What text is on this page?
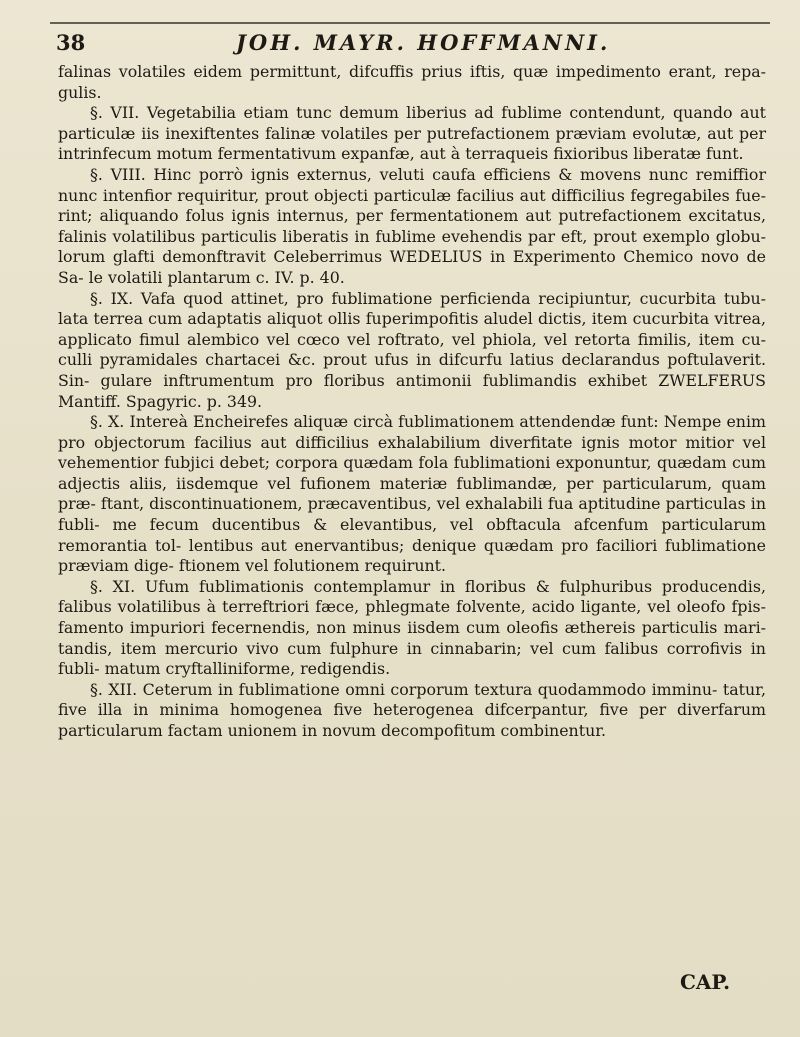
38	JOH. MAYR. HOFFMANNI.

falinas volatiles eidem permittunt, difcuffis prius iftis, quæ impedimento erant, repa- gulis.

§. VII. Vegetabilia etiam tunc demum liberius ad fublime contendunt, quando aut particulæ iis inexiftentes falinæ volatiles per putrefactionem præviam evolutæ, aut per intrinfecum motum fermentativum expanfæ, aut à terraqueis fixioribus liberatæ funt.

§. VIII. Hinc porrò ignis externus, veluti caufa efficiens & movens nunc remiffior nunc intenfior requiritur, prout objecti particulæ facilius aut difficilius fegregabiles fue- rint; aliquando folus ignis internus, per fermentationem aut putrefactionem excitatus, falinis volatilibus particulis liberatis in fublime evehendis par eft, prout exemplo globu- lorum glafti demonftravit Celeberrimus WEDELIUS in Experimento Chemico novo de Sa- le volatili plantarum c. IV. p. 40.

§. IX. Vafa quod attinet, pro fublimatione perficienda recipiuntur, cucurbita tubu- lata terrea cum adaptatis aliquot ollis fuperimpofitis aludel dictis, item cucurbita vitrea, applicato fimul alembico vel cœco vel roftrato, vel phiola, vel retorta fimilis, item cu- culli pyramidales chartacei &c. prout ufus in difcurfu latius declarandus poftulaverit. Sin- gulare inftrumentum pro floribus antimonii fublimandis exhibet ZWELFERUS Mantiff. Spagyric. p. 349.

§. X. Intereà Encheirefes aliquæ circà fublimationem attendendæ funt: Nempe enim pro objectorum facilius aut difficilius exhalabilium diverfitate ignis motor mitior vel vehementior fubjici debet; corpora quædam fola fublimationi exponuntur, quædam cum adjectis aliis, iisdemque vel fufionem materiæ fublimandæ, per particularum, quam præ- ftant, discontinuationem, præcaventibus, vel exhalabili fua aptitudine particulas in fubli- me fecum ducentibus & elevantibus, vel obftacula afcenfum particularum remorantia tol- lentibus aut enervantibus; denique quædam pro faciliori fublimatione præviam dige- ftionem vel folutionem requirunt.

§. XI. Ufum fublimationis contemplamur in floribus & fulphuribus producendis, falibus volatilibus à terreftriori fæce, phlegmate folvente, acido ligante, vel oleofo fpis- famento impuriori fecernendis, non minus iisdem cum oleofis æthereis particulis mari- tandis, item mercurio vivo cum fulphure in cinnabarin; vel cum falibus corrofivis in fubli- matum cryftalliniforme, redigendis.

§. XII. Ceterum in fublimatione omni corporum textura quodammodo imminu- tatur, five illa in minima homogenea five heterogenea difcerpantur, five per diverfarum particularum factam unionem in novum decompofitum combinentur.

CAP.
